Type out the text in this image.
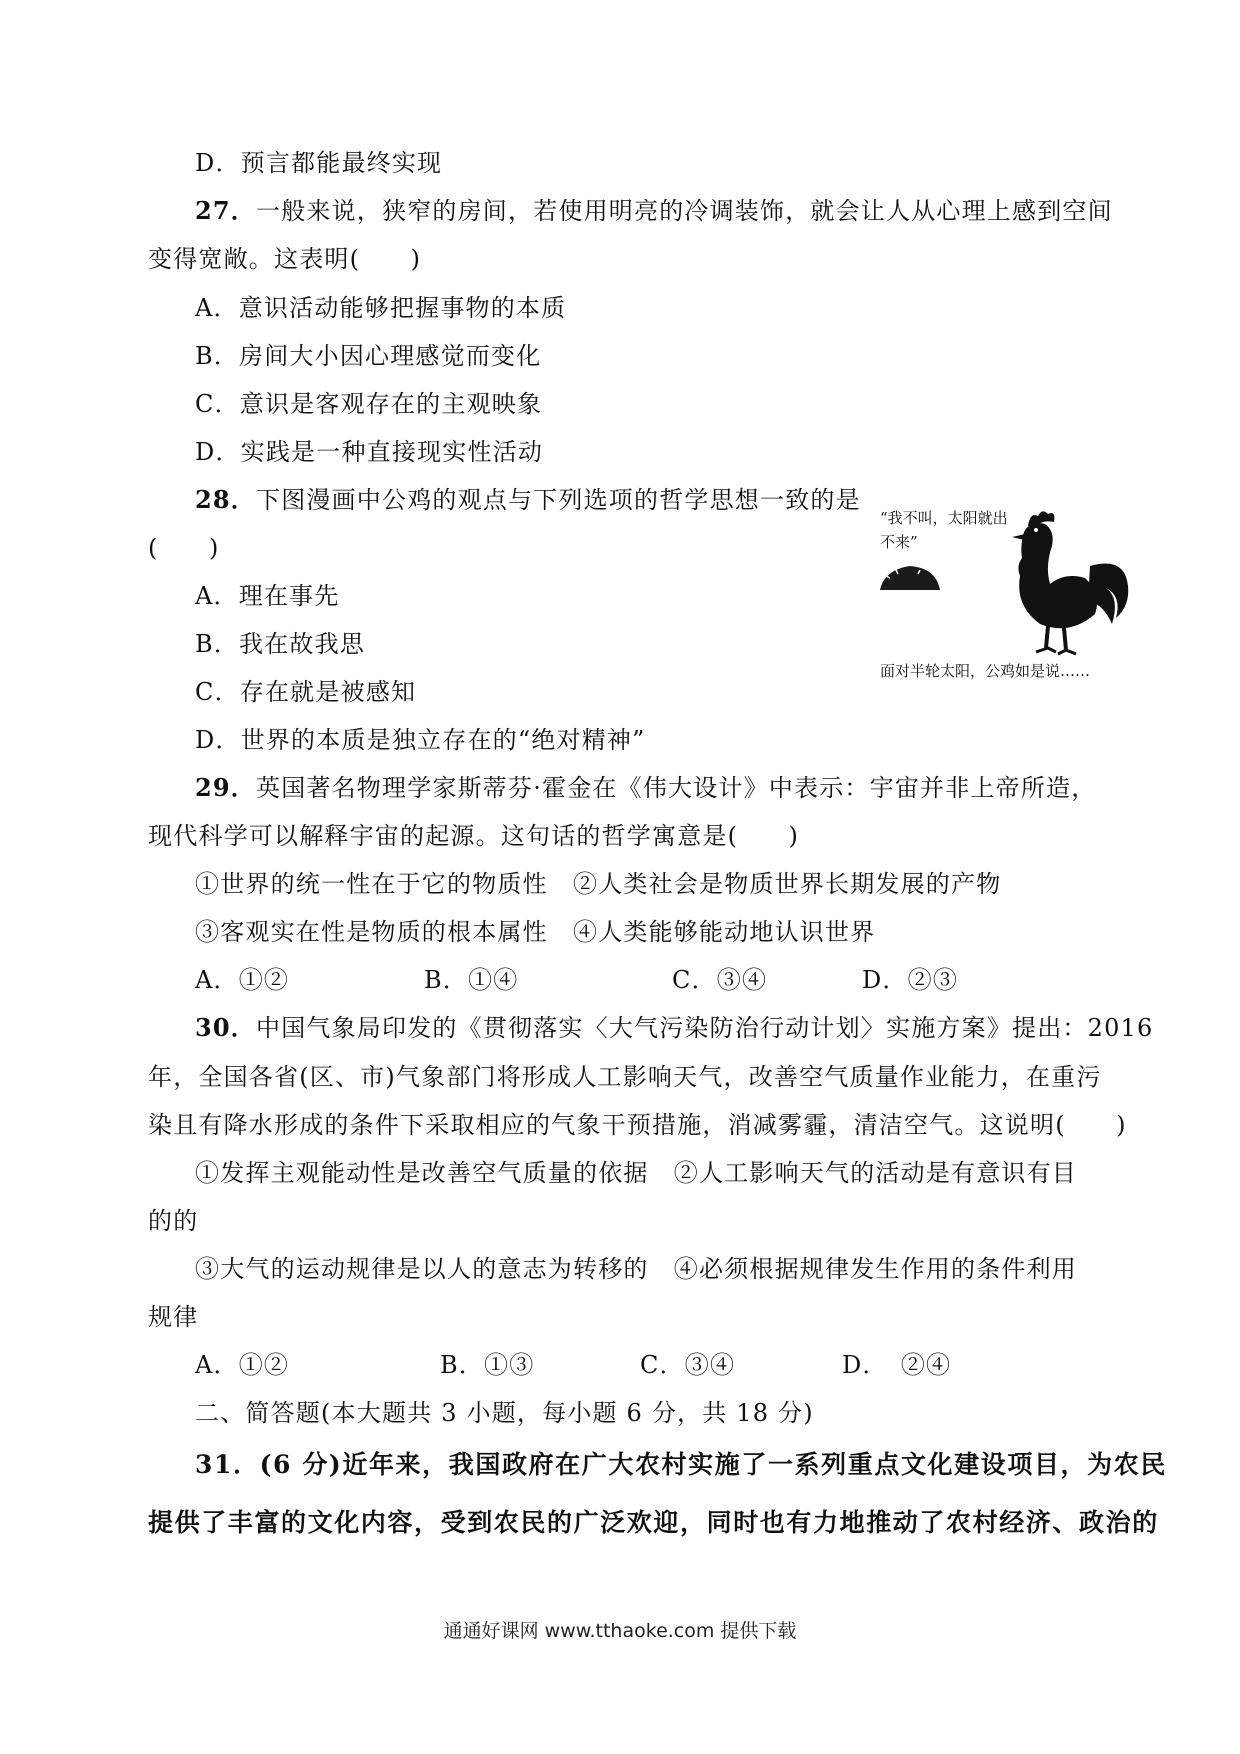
D．预言都能最终实现
27．一般来说，狭窄的房间，若使用明亮的冷调装饰，就会让人从心理上感到空间
变得宽敞。这表明(　　)
A．意识活动能够把握事物的本质
B．房间大小因心理感觉而变化
C．意识是客观存在的主观映象
D．实践是一种直接现实性活动
28．下图漫画中公鸡的观点与下列选项的哲学思想一致的是
(　　)
A．理在事先
B．我在故我思
C．存在就是被感知
D．世界的本质是独立存在的“绝对精神”
“我不叫，太阳就出不来”
面对半轮太阳，公鸡如是说……
29．英国著名物理学家斯蒂芬·霍金在《伟大设计》中表示：宇宙并非上帝所造，
现代科学可以解释宇宙的起源。这句话的哲学寓意是(　　)
①世界的统一性在于它的物质性　②人类社会是物质世界长期发展的产物
③客观实在性是物质的根本属性　④人类能够能动地认识世界
A．①②	B．①④	C．③④	D．②③
30．中国气象局印发的《贯彻落实〈大气污染防治行动计划〉实施方案》提出：2016
年，全国各省(区、市)气象部门将形成人工影响天气，改善空气质量作业能力，在重污
染且有降水形成的条件下采取相应的气象干预措施，消减雾霾，清洁空气。这说明(　　)
①发挥主观能动性是改善空气质量的依据　②人工影响天气的活动是有意识有目
的的
③大气的运动规律是以人的意志为转移的　④必须根据规律发生作用的条件利用
规律
A．①②	B．①③	C．③④	D．　②④
二、简答题(本大题共 3 小题，每小题 6 分，共 18 分)
31．(6 分)近年来，我国政府在广大农村实施了一系列重点文化建设项目，为农民
提供了丰富的文化内容，受到农民的广泛欢迎，同时也有力地推动了农村经济、政治的
通通好课网 www.tthaoke.com 提供下载
